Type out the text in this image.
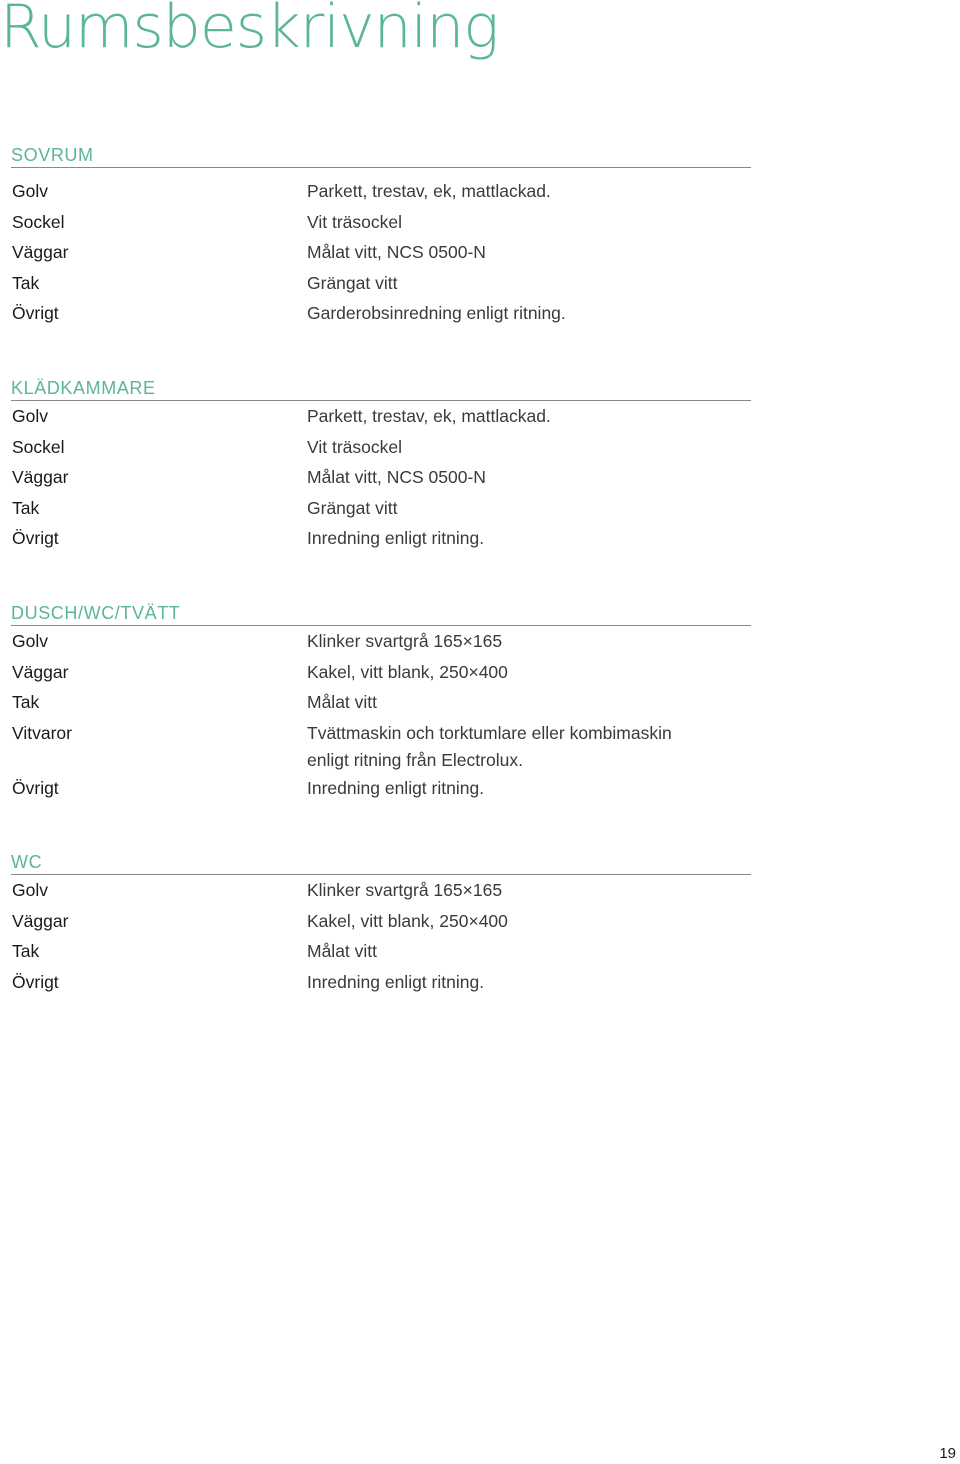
Rumsbeskrivning
SOVRUM
Golv	Parkett, trestav, ek, mattlackad.
Sockel	Vit träsockel
Väggar	Målat vitt, NCS 0500-N
Tak	Grängat vitt
Övrigt	Garderobsinredning enligt ritning.
KLÄDKAMMARE
Golv	Parkett, trestav, ek, mattlackad.
Sockel	Vit träsockel
Väggar	Målat vitt, NCS 0500-N
Tak	Grängat vitt
Övrigt	Inredning enligt ritning.
DUSCH/WC/TVÄTT
Golv	Klinker svartgrå 165×165
Väggar	Kakel, vitt blank, 250×400
Tak	Målat vitt
Vitvaror	Tvättmaskin och torktumlare eller kombimaskin
enligt ritning från Electrolux.
Övrigt	Inredning enligt ritning.
WC
Golv	Klinker svartgrå 165×165
Väggar	Kakel, vitt blank, 250×400
Tak	Målat vitt
Övrigt	Inredning enligt ritning.
19
